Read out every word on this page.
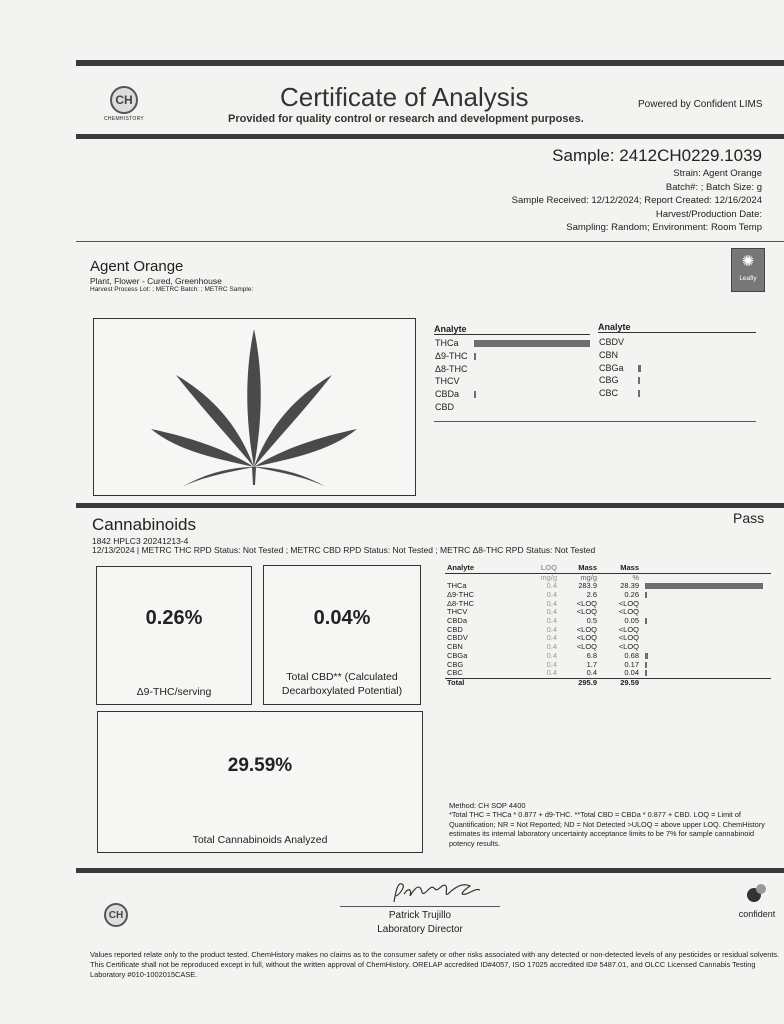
CH
CHEMHISTORY
Certificate of Analysis
Provided for quality control or research and development purposes.
Powered by Confident LIMS
Sample: 2412CH0229.1039
Strain: Agent Orange
Batch#: ; Batch Size: g
Sample Received: 12/12/2024; Report Created: 12/16/2024
Harvest/Production Date:
Sampling: Random; Environment: Room Temp
Agent Orange
Plant, Flower - Cured, Greenhouse
Harvest Process Lot: ; METRC Batch: ; METRC Sample:
✺
Leafly
Analyte	Analyte
THCa
Δ9-THC
Δ8-THC
THCV
CBDa
CBD
CBDV
CBN
CBGa
CBG
CBC
Cannabinoids
1842 HPLC3 20241213-4
12/13/2024 | METRC THC RPD Status: Not Tested ; METRC CBD RPD Status: Not Tested ; METRC Δ8-THC RPD Status: Not Tested
Pass
0.26%
Δ9-THC/serving
0.04%
Total CBD** (Calculated Decarboxylated Potential)
29.59%
Total Cannabinoids Analyzed
Analyte	LOQ	Mass	Mass	
	mg/g	mg/g	%	
THCa	0.4	283.9	28.39	

Δ9-THC	0.4	2.6	0.26	

Δ8-THC	0.4	<LOQ	<LOQ	
THCV	0.4	<LOQ	<LOQ	
CBDa	0.4	0.5	0.05	

CBD	0.4	<LOQ	<LOQ	
CBDV	0.4	<LOQ	<LOQ	
CBN	0.4	<LOQ	<LOQ	
CBGa	0.4	6.8	0.68	

CBG	0.4	1.7	0.17	

CBC	0.4	0.4	0.04	

Total		295.9	29.59	
Method: CH SOP 4400
*Total THC = THCa * 0.877 + d9-THC. **Total CBD = CBDa * 0.877 + CBD. LOQ = Limit of Quantification; NR = Not Reported; ND = Not Detected >ULOQ = above upper LOQ. ChemHistory estimates its internal laboratory uncertainty acceptance limits to be 7% for sample cannabinoid potency results.
CH	Patrick Trujillo
Laboratory Director
confident
Values reported relate only to the product tested. ChemHistory makes no claims as to the consumer safety or other risks associated with any detected or non-detected levels of any pesticides or residual solvents. This Certificate shall not be reproduced except in full, without the written approval of ChemHistory. ORELAP accredited ID#4057, ISO 17025 accredited ID# 5487.01, and OLCC Licensed Cannabis Testing Laboratory #010-1002015CASE.
